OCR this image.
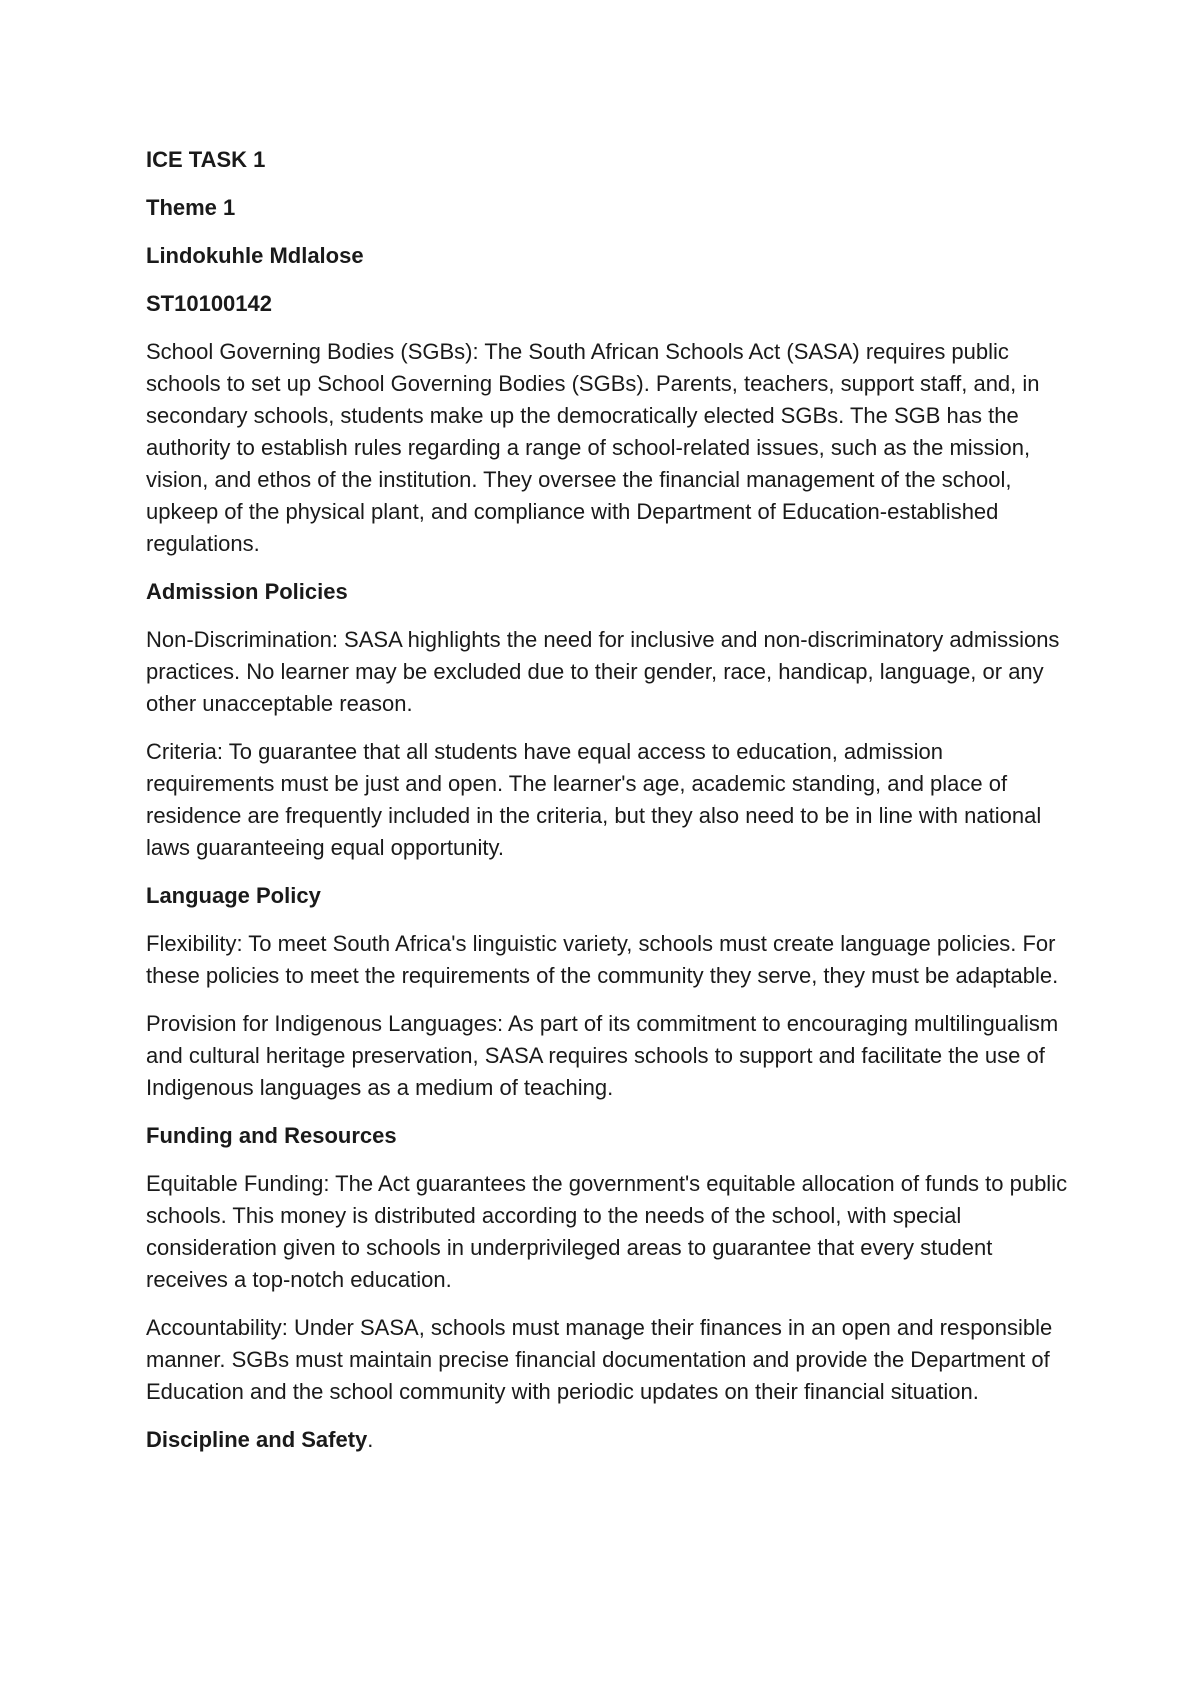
ICE TASK 1
Theme 1
Lindokuhle Mdlalose
ST10100142

School Governing Bodies (SGBs): The South African Schools Act (SASA) requires public schools to set up School Governing Bodies (SGBs). Parents, teachers, support staff, and, in secondary schools, students make up the democratically elected SGBs. The SGB has the authority to establish rules regarding a range of school-related issues, such as the mission, vision, and ethos of the institution. They oversee the financial management of the school, upkeep of the physical plant, and compliance with Department of Education-established regulations.

Admission Policies

Non-Discrimination: SASA highlights the need for inclusive and non-discriminatory admissions practices. No learner may be excluded due to their gender, race, handicap, language, or any other unacceptable reason.

Criteria: To guarantee that all students have equal access to education, admission requirements must be just and open. The learner's age, academic standing, and place of residence are frequently included in the criteria, but they also need to be in line with national laws guaranteeing equal opportunity.

Language Policy

Flexibility: To meet South Africa's linguistic variety, schools must create language policies. For these policies to meet the requirements of the community they serve, they must be adaptable.

Provision for Indigenous Languages: As part of its commitment to encouraging multilingualism and cultural heritage preservation, SASA requires schools to support and facilitate the use of Indigenous languages as a medium of teaching.

Funding and Resources

Equitable Funding: The Act guarantees the government's equitable allocation of funds to public schools. This money is distributed according to the needs of the school, with special consideration given to schools in underprivileged areas to guarantee that every student receives a top-notch education.

Accountability: Under SASA, schools must manage their finances in an open and responsible manner. SGBs must maintain precise financial documentation and provide the Department of Education and the school community with periodic updates on their financial situation.

Discipline and Safety.
